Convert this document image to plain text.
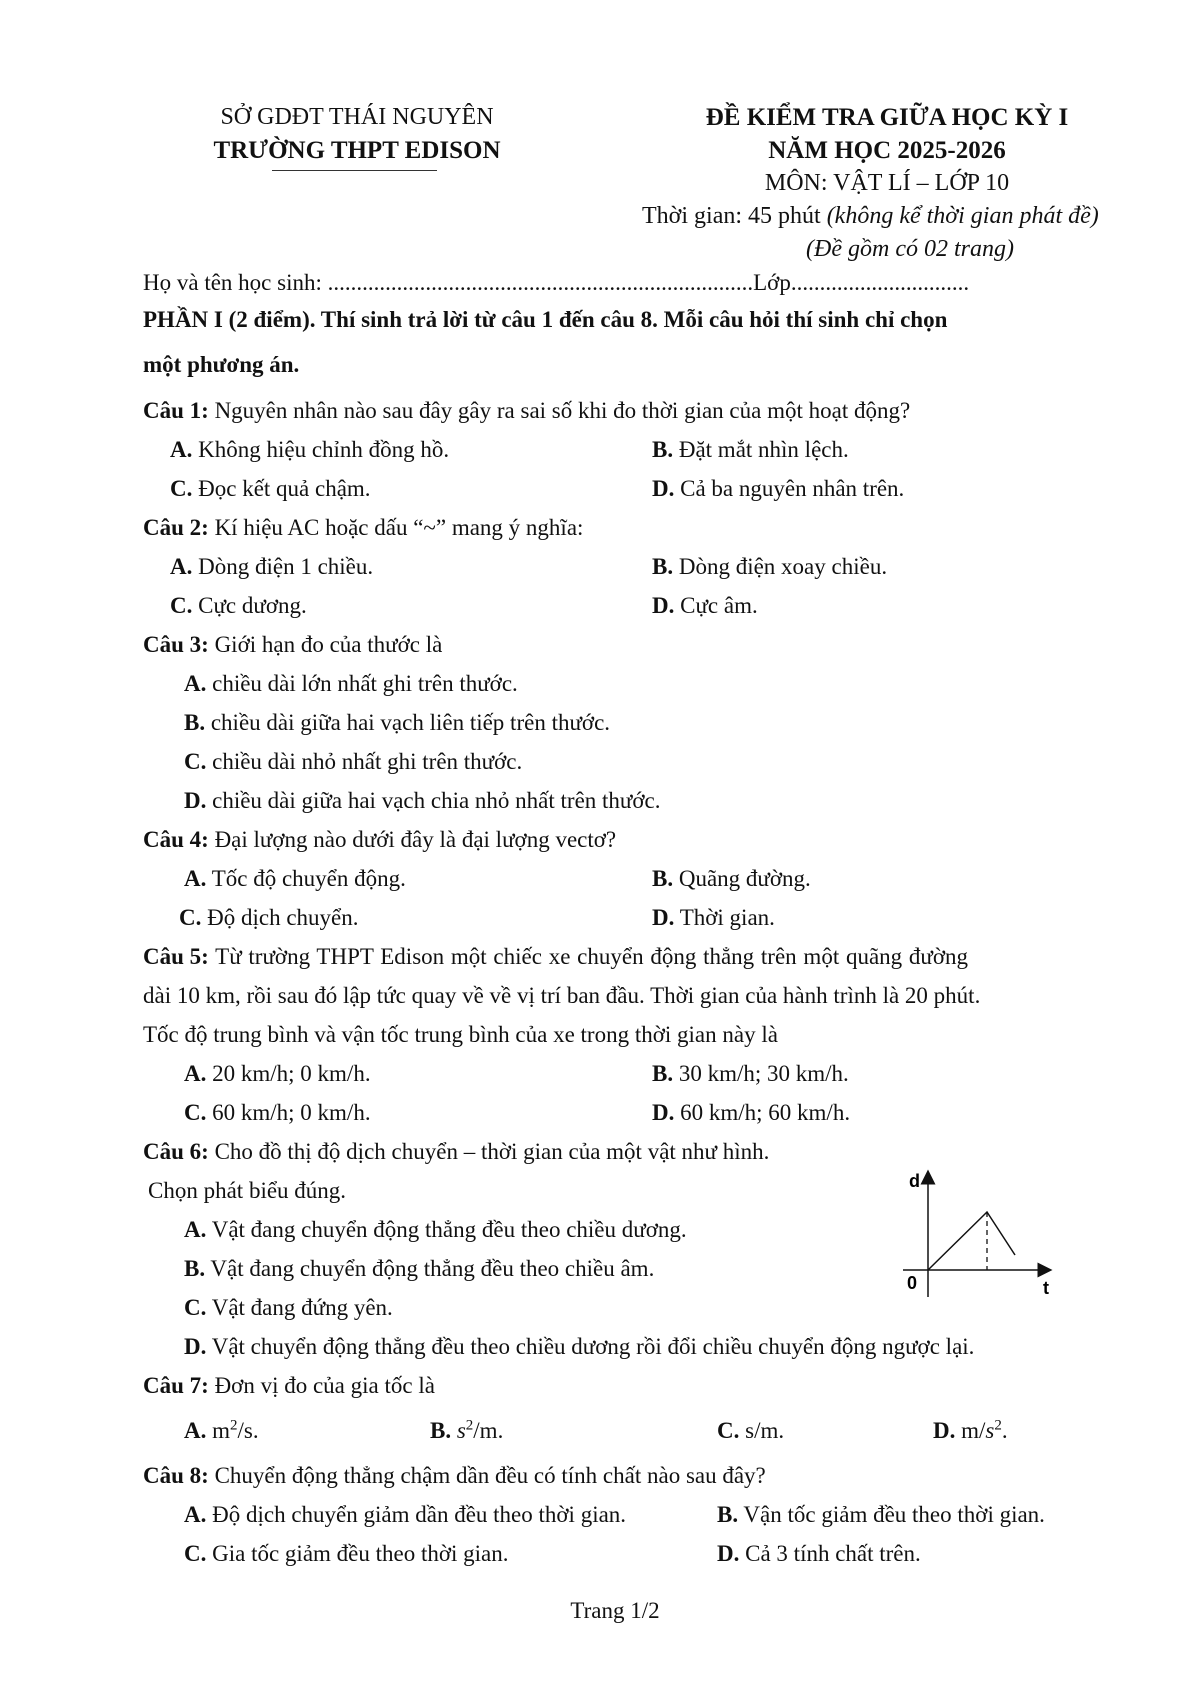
SỞ GDĐT THÁI NGUYÊN
TRƯỜNG THPT EDISON
ĐỀ KIỂM TRA GIỮA HỌC KỲ I
NĂM HỌC 2025-2026
MÔN: VẬT LÍ – LỚP 10
Thời gian: 45 phút (không kể thời gian phát đề)
(Đề gồm có 02 trang)
Họ và tên học sinh: ..........................................................................Lớp...............................
PHẦN I (2 điểm). Thí sinh trả lời từ câu 1 đến câu 8. Mỗi câu hỏi thí sinh chỉ chọn
một phương án.
Câu 1: Nguyên nhân nào sau đây gây ra sai số khi đo thời gian của một hoạt động?
A. Không hiệu chỉnh đồng hồ.	B. Đặt mắt nhìn lệch.
C. Đọc kết quả chậm.	D. Cả ba nguyên nhân trên.
Câu 2: Kí hiệu AC hoặc dấu “~” mang ý nghĩa:
A. Dòng điện 1 chiều.	B. Dòng điện xoay chiều.
C. Cực dương.	D. Cực âm.
Câu 3: Giới hạn đo của thước là
A. chiều dài lớn nhất ghi trên thước.
B. chiều dài giữa hai vạch liên tiếp trên thước.
C. chiều dài nhỏ nhất ghi trên thước.
D. chiều dài giữa hai vạch chia nhỏ nhất trên thước.
Câu 4: Đại lượng nào dưới đây là đại lượng vectơ?
A. Tốc độ chuyển động.	B. Quãng đường.
C. Độ dịch chuyển.	D. Thời gian.
Câu 5: Từ trường THPT Edison một chiếc xe chuyển động thẳng trên một quãng đường
dài 10 km, rồi sau đó lập tức quay về về vị trí ban đầu. Thời gian của hành trình là 20 phút.
Tốc độ trung bình và vận tốc trung bình của xe trong thời gian này là
A. 20 km/h; 0 km/h.	B. 30 km/h; 30 km/h.
C. 60 km/h; 0 km/h.	D. 60 km/h; 60 km/h.
Câu 6: Cho đồ thị độ dịch chuyển – thời gian của một vật như hình.
Chọn phát biểu đúng.
A. Vật đang chuyển động thẳng đều theo chiều dương.
B. Vật đang chuyển động thẳng đều theo chiều âm.
C. Vật đang đứng yên.
D. Vật chuyển động thẳng đều theo chiều dương rồi đổi chiều chuyển động ngược lại.
d
0	t
Câu 7: Đơn vị đo của gia tốc là
A. $m^2/s$.	B. $s^2/m$.	C. s/m.	D. $m/s^2$.
Câu 8: Chuyển động thẳng chậm dần đều có tính chất nào sau đây?
A. Độ dịch chuyển giảm dần đều theo thời gian.	B. Vận tốc giảm đều theo thời gian.
C. Gia tốc giảm đều theo thời gian.	D. Cả 3 tính chất trên.
Trang 1/2
